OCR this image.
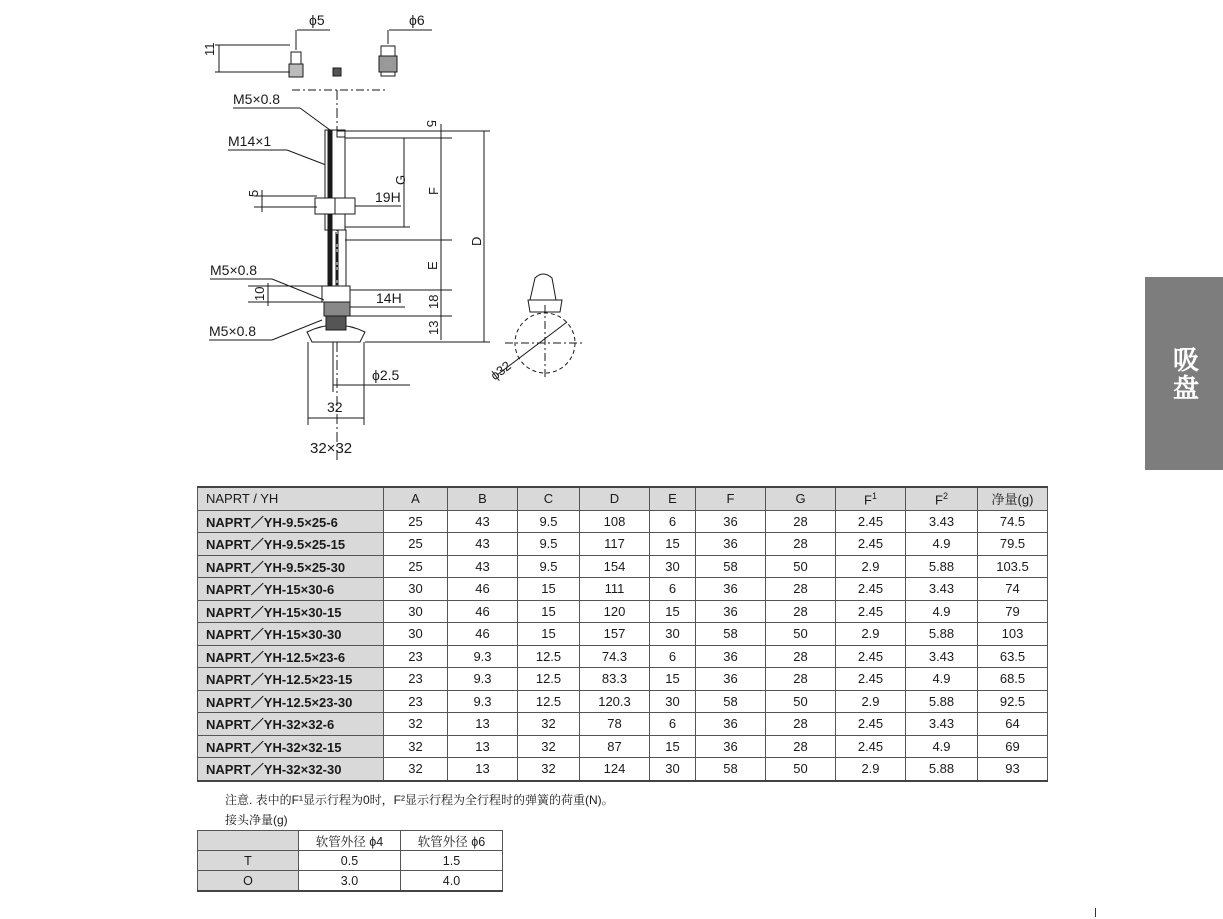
ϕ5	ϕ6
11
M5×0.8
M14×1
5	19H
5
G
F
E
18
13
D
M5×0.8
10	14H
M5×0.8
ϕ2.5
32
32×32
ϕ32	吸盘
NAPRT / YH	A	B	C	D	E	F	G	$F^1$	$F^2$	净量(g)
NAPRT／YH-9.5×25-6	25	43	9.5	108	6	36	28	2.45	3.43	74.5
NAPRT／YH-9.5×25-15	25	43	9.5	117	15	36	28	2.45	4.9	79.5
NAPRT／YH-9.5×25-30	25	43	9.5	154	30	58	50	2.9	5.88	103.5
NAPRT／YH-15×30-6	30	46	15	111	6	36	28	2.45	3.43	74
NAPRT／YH-15×30-15	30	46	15	120	15	36	28	2.45	4.9	79
NAPRT／YH-15×30-30	30	46	15	157	30	58	50	2.9	5.88	103
NAPRT／YH-12.5×23-6	23	9.3	12.5	74.3	6	36	28	2.45	3.43	63.5
NAPRT／YH-12.5×23-15	23	9.3	12.5	83.3	15	36	28	2.45	4.9	68.5
NAPRT／YH-12.5×23-30	23	9.3	12.5	120.3	30	58	50	2.9	5.88	92.5
NAPRT／YH-32×32-6	32	13	32	78	6	36	28	2.45	3.43	64
NAPRT／YH-32×32-15	32	13	32	87	15	36	28	2.45	4.9	69
NAPRT／YH-32×32-30	32	13	32	124	30	58	50	2.9	5.88	93
注意. 表中的F¹显示行程为0时，F²显示行程为全行程时的弹簧的荷重(N)。
接头净量(g)
	软管外径 ϕ4	软管外径 ϕ6
T	0.5	1.5
O	3.0	4.0
